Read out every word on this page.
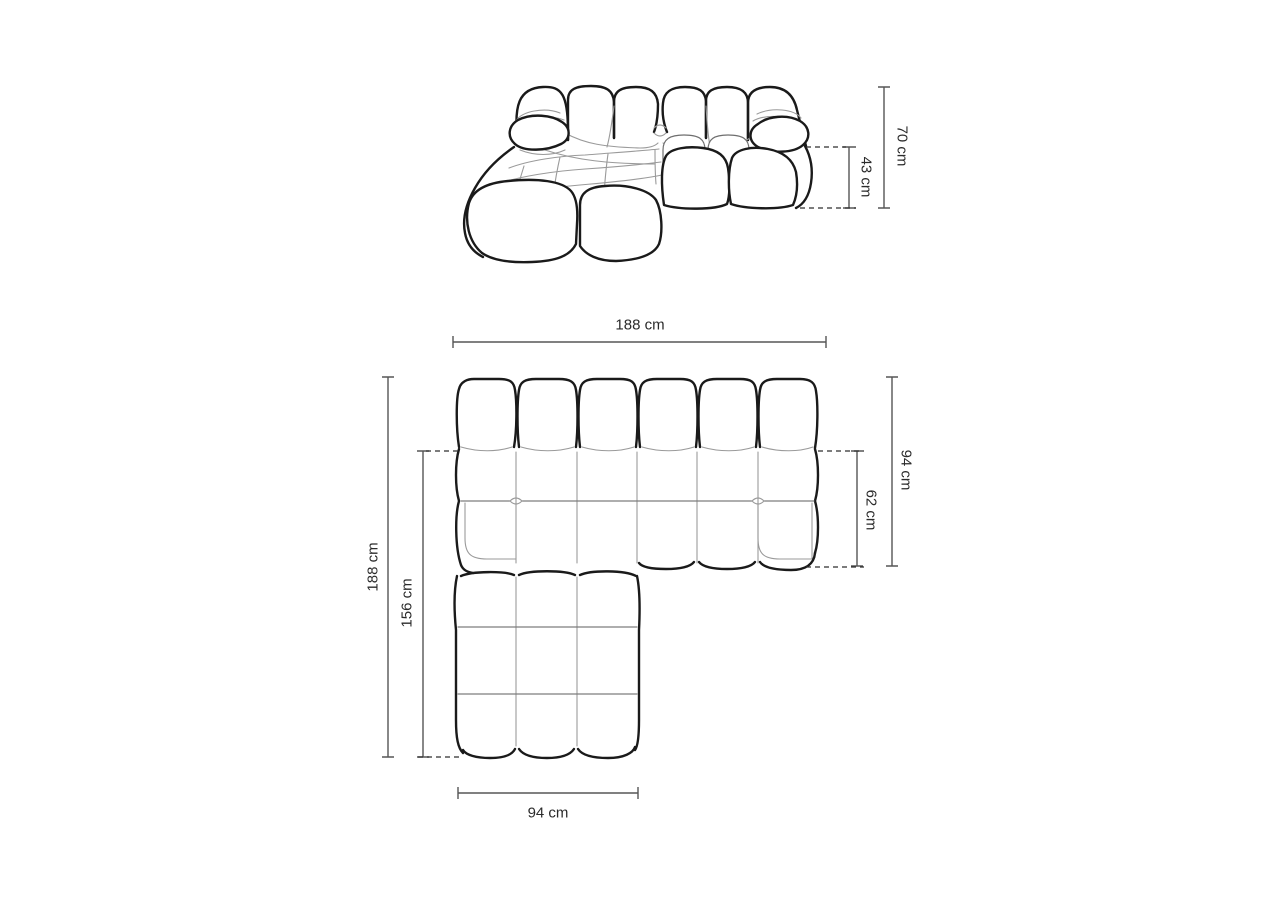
70 cm
43 cm
188 cm
188 cm
156 cm
94 cm
62 cm
94 cm
